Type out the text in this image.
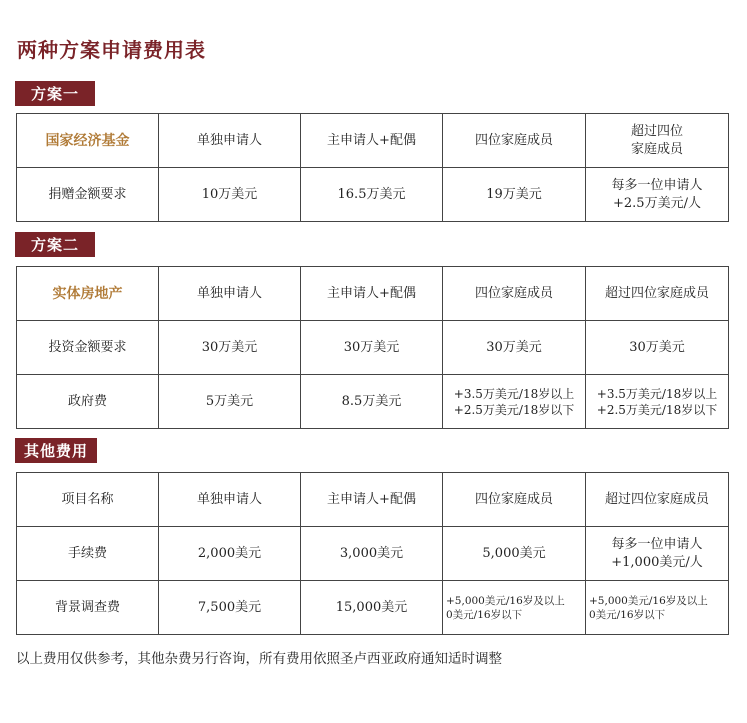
两种方案申请费用表
方案一
国家经济基金	单独申请人	主申请人+配偶	四位家庭成员	超过四位
家庭成员

捐赠金额要求	10万美元	16.5万美元	19万美元	每多一位申请人
+2.5万美元/人
方案二
实体房地产	单独申请人	主申请人+配偶	四位家庭成员	超过四位家庭成员
投资金额要求	30万美元	30万美元	30万美元	30万美元
政府费	5万美元	8.5万美元	+3.5万美元/18岁以上
+2.5万美元/18岁以下	+3.5万美元/18岁以上
+2.5万美元/18岁以下
其他费用
项目名称	单独申请人	主申请人+配偶	四位家庭成员	超过四位家庭成员
手续费	2,000美元	3,000美元	5,000美元	每多一位申请人
+1,000美元/人

背景调查费	7,500美元	15,000美元	+5,000美元/16岁及以上
0美元/16岁以下	+5,000美元/16岁及以上
0美元/16岁以下
以上费用仅供参考，其他杂费另行咨询，所有费用依照圣卢西亚政府通知适时调整
